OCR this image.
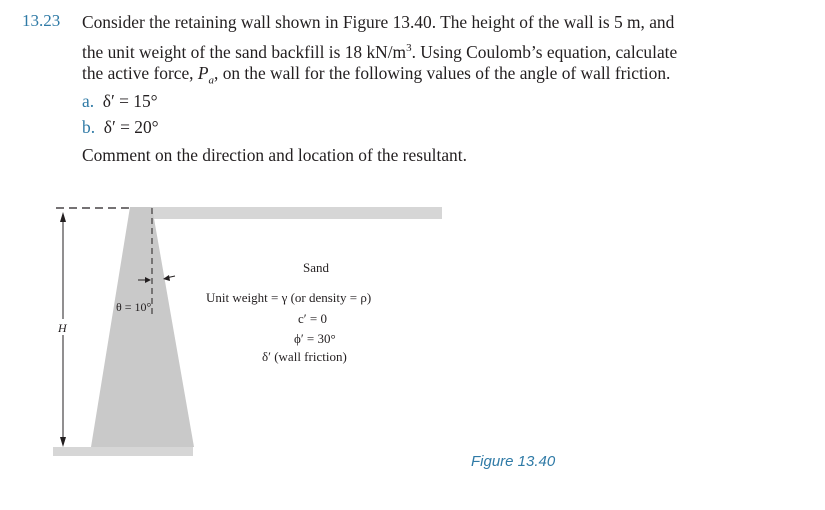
13.23 Consider the retaining wall shown in Figure 13.40. The height of the wall is 5 m, and
the unit weight of the sand backfill is 18 $kN/m^3$. Using Coulomb’s equation, calculate
the active force, $P_a$, on the wall for the following values of the angle of wall friction.
a. δ′ = 15°
b. δ′ = 20°
Comment on the direction and location of the resultant.
H
θ = 10°
Sand
Unit weight = γ (or density = ρ)
c′ = 0
ϕ′ = 30°
δ′ (wall friction)
Figure 13.40
